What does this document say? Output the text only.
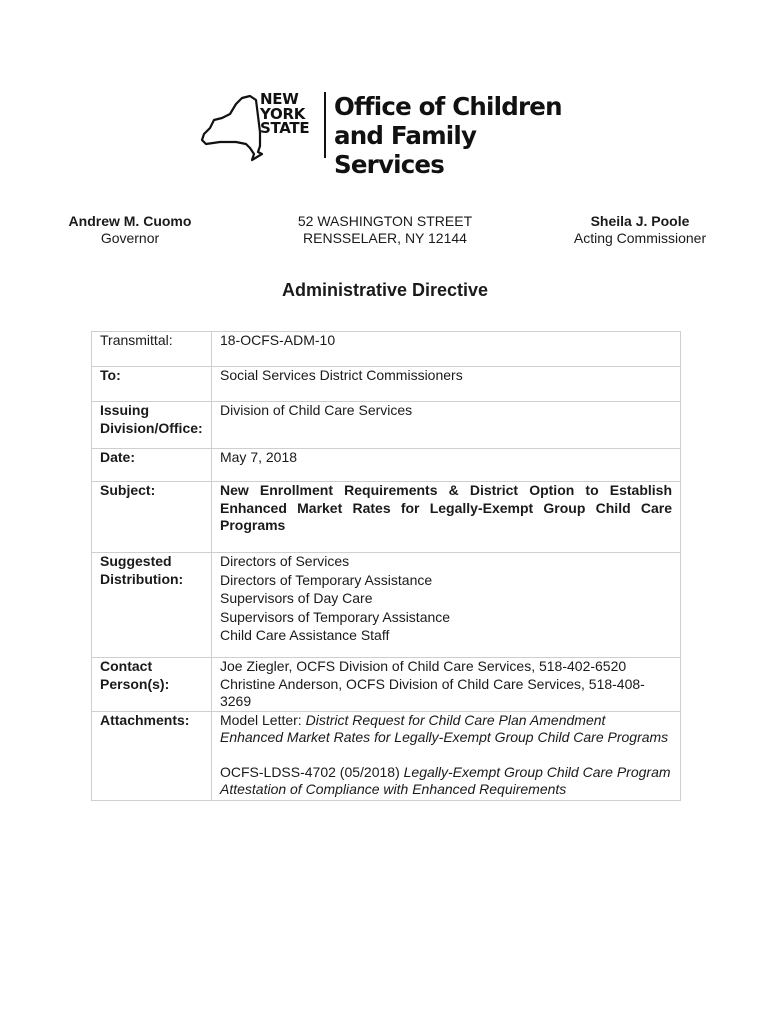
NEW
YORK
STATE
Office of Children
and Family Services
Andrew M. Cuomo
Governor
52 WASHINGTON STREET
RENSSELAER, NY 12144
Sheila J. Poole
Acting Commissioner
Administrative Directive
Transmittal:	18-OCFS-ADM-10
To:	Social Services District Commissioners

Issuing
Division/Office:	Division of Child Care Services
Date:	May 7, 2018
Subject:	New Enrollment Requirements & District Option to Establish Enhanced Market Rates for Legally-Exempt Group Child Care Programs

Suggested
Distribution:	Directors of Services
Directors of Temporary Assistance
Supervisors of Day Care
Supervisors of Temporary Assistance
Child Care Assistance Staff

Contact
Person(s):	Joe Ziegler, OCFS Division of Child Care Services, 518-402-6520
Christine Anderson, OCFS Division of Child Care Services, 518-408-3269

Attachments:	Model Letter: District Request for Child Care Plan Amendment Enhanced Market Rates for Legally-Exempt Group Child Care Programs
OCFS-LDSS-4702 (05/2018) Legally-Exempt Group Child Care Program Attestation of Compliance with Enhanced Requirements
